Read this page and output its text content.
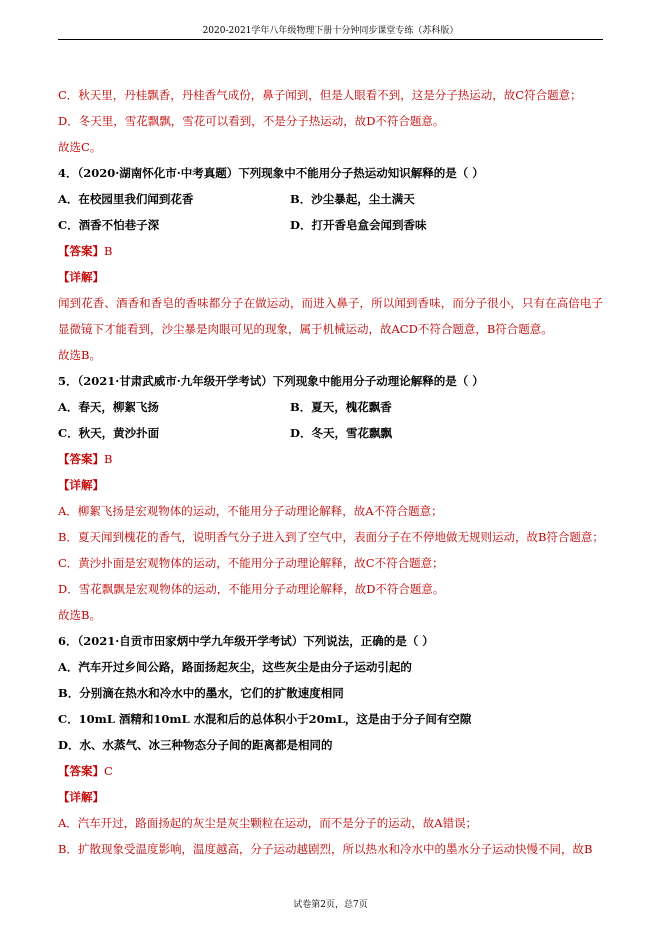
2020-2021学年八年级物理下册十分钟同步课堂专练（苏科版）
C．秋天里，丹桂飘香，丹桂香气成份，鼻子闻到，但是人眼看不到，这是分子热运动，故C符合题意；
D．冬天里，雪花飘飘，雪花可以看到，不是分子热运动，故D不符合题意。
故选C。
4．（2020·湖南怀化市·中考真题）下列现象中不能用分子热运动知识解释的是（ ）
A．在校园里我们闻到花香	B．沙尘暴起，尘土满天
C．酒香不怕巷子深	D．打开香皂盒会闻到香味
【答案】B
【详解】
闻到花香、酒香和香皂的香味都分子在做运动，而进入鼻子，所以闻到香味，而分子很小，只有在高倍电子显微镜下才能看到，沙尘暴是肉眼可见的现象，属于机械运动，故ACD不符合题意，B符合题意。
故选B。
5．（2021·甘肃武威市·九年级开学考试）下列现象中能用分子动理论解释的是（ ）
A．春天，柳絮飞扬	B．夏天，槐花飘香
C．秋天，黄沙扑面	D．冬天，雪花飘飘
【答案】B
【详解】
A．柳絮飞扬是宏观物体的运动，不能用分子动理论解释，故A不符合题意；
B．夏天闻到槐花的香气，说明香气分子进入到了空气中，表面分子在不停地做无规则运动，故B符合题意；
C．黄沙扑面是宏观物体的运动，不能用分子动理论解释，故C不符合题意；
D．雪花飘飘是宏观物体的运动，不能用分子动理论解释，故D不符合题意。
故选B。
6．（2021·自贡市田家炳中学九年级开学考试）下列说法，正确的是（ ）
A．汽车开过乡间公路，路面扬起灰尘，这些灰尘是由分子运动引起的
B．分别滴在热水和冷水中的墨水，它们的扩散速度相同
C．10mL 酒精和10mL 水混和后的总体积小于20mL，这是由于分子间有空隙
D．水、水蒸气、冰三种物态分子间的距离都是相同的
【答案】C
【详解】
A．汽车开过，路面扬起的灰尘是灰尘颗粒在运动，而不是分子的运动，故A错误；
B．扩散现象受温度影响，温度越高，分子运动越剧烈，所以热水和冷水中的墨水分子运动快慢不同，故B
试卷第2页，总7页
